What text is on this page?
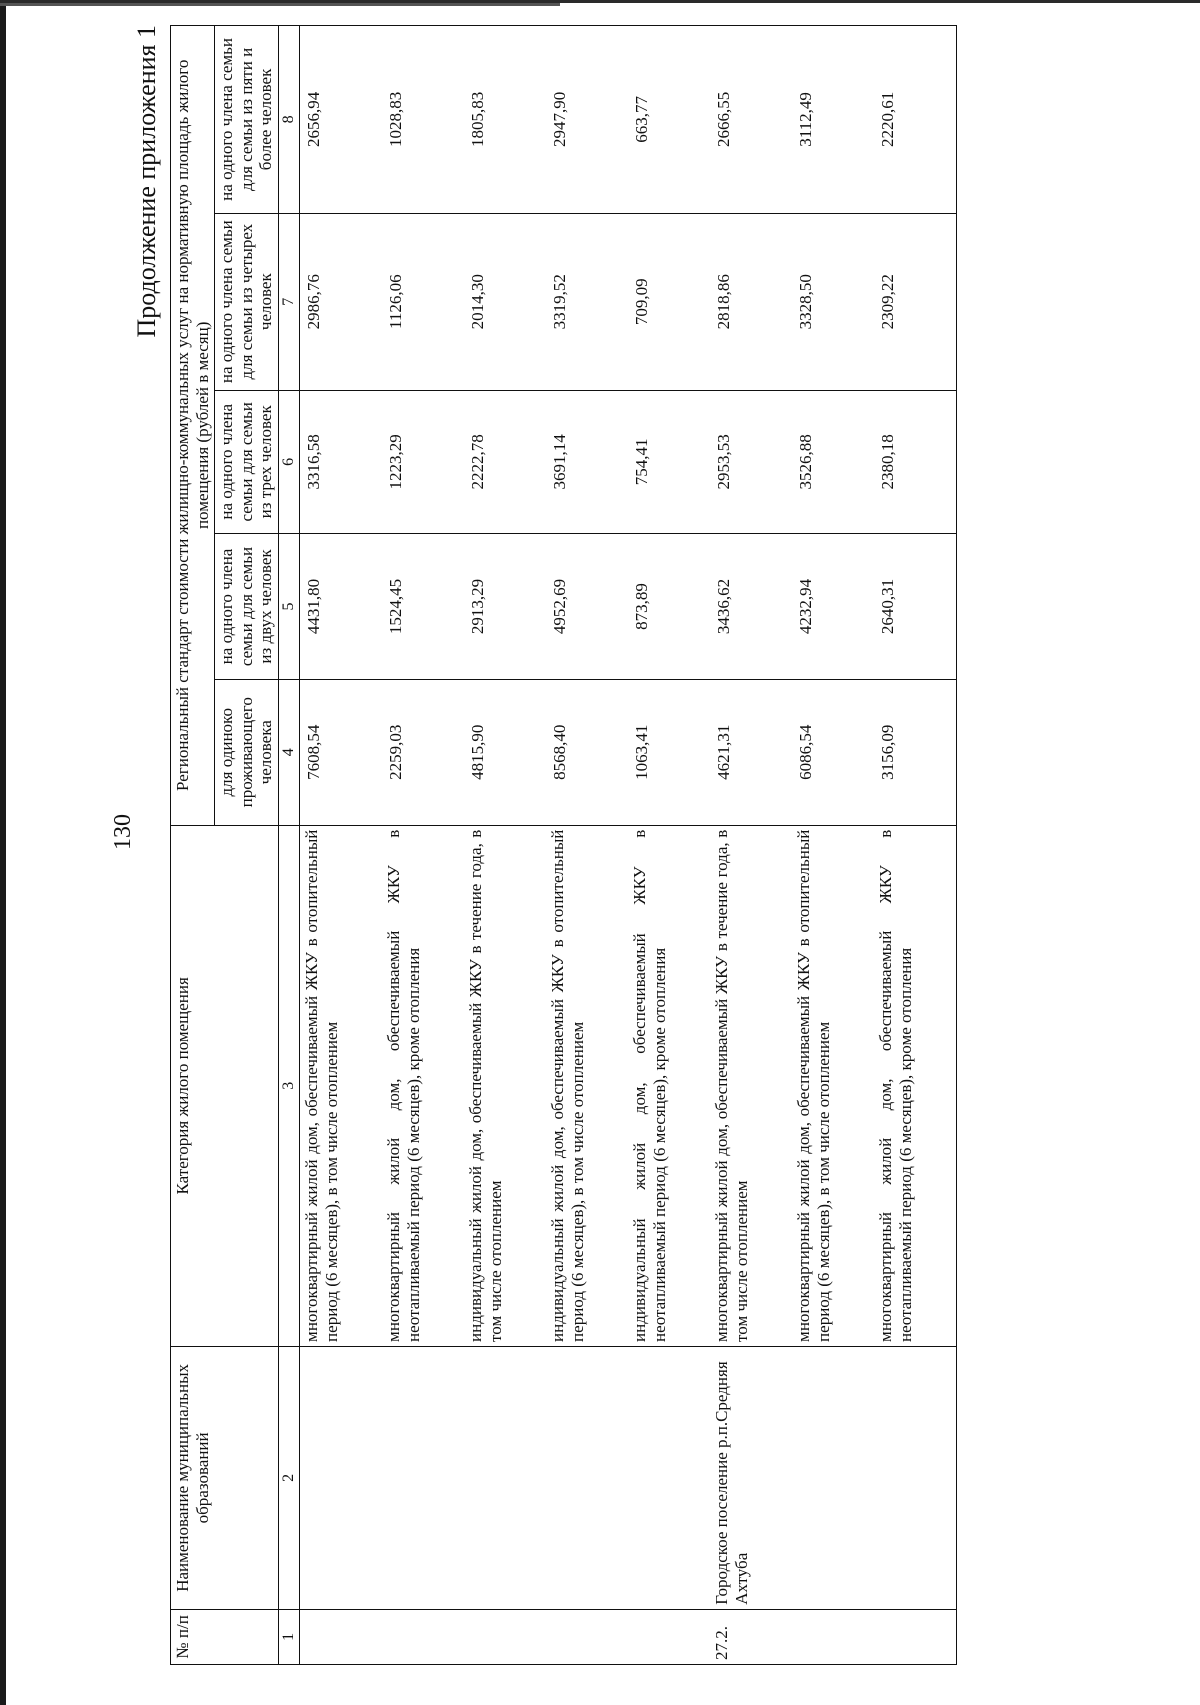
130
Продолжение приложения 1
№ п/п	Наименование муниципальных образований	Категория жилого помещения	Региональный стандарт стоимости жилищно-коммунальных услуг на нормативную площадь жилого помещения (рублей в месяц)				
			для одиноко проживающего человека	на одного члена семьи для семьи из двух человек	на одного члена семьи для семьи из трех человек	на одного члена семьи для семьи из четырех человек	на одного члена семьи для семьи из пяти и более человек
1	2	3	4	5	6	7	8
		многоквартирный жилой дом, обеспечиваемый ЖКУ в отопительный период (6 месяцев), в том числе отоплением	7608,54	4431,80	3316,58	2986,76	2656,94
		многоквартирный жилой дом, обеспечиваемый ЖКУ в неотапливаемый период (6 месяцев), кроме отопления	2259,03	1524,45	1223,29	1126,06	1028,83
		индивидуальный жилой дом, обеспечиваемый ЖКУ в течение года, в том числе отоплением	4815,90	2913,29	2222,78	2014,30	1805,83
		индивидуальный жилой дом, обеспечиваемый ЖКУ в отопительный период (6 месяцев), в том числе отоплением	8568,40	4952,69	3691,14	3319,52	2947,90
		индивидуальный жилой дом, обеспечиваемый ЖКУ в неотапливаемый период (6 месяцев), кроме отопления	1063,41	873,89	754,41	709,09	663,77
27.2.	Городское поселение р.п.Средняя Ахтуба	многоквартирный жилой дом, обеспечиваемый ЖКУ в течение года, в том числе отоплением	4621,31	3436,62	2953,53	2818,86	2666,55
		многоквартирный жилой дом, обеспечиваемый ЖКУ в отопительный период (6 месяцев), в том числе отоплением	6086,54	4232,94	3526,88	3328,50	3112,49
		многоквартирный жилой дом, обеспечиваемый ЖКУ в неотапливаемый период (6 месяцев), кроме отопления	3156,09	2640,31	2380,18	2309,22	2220,61
